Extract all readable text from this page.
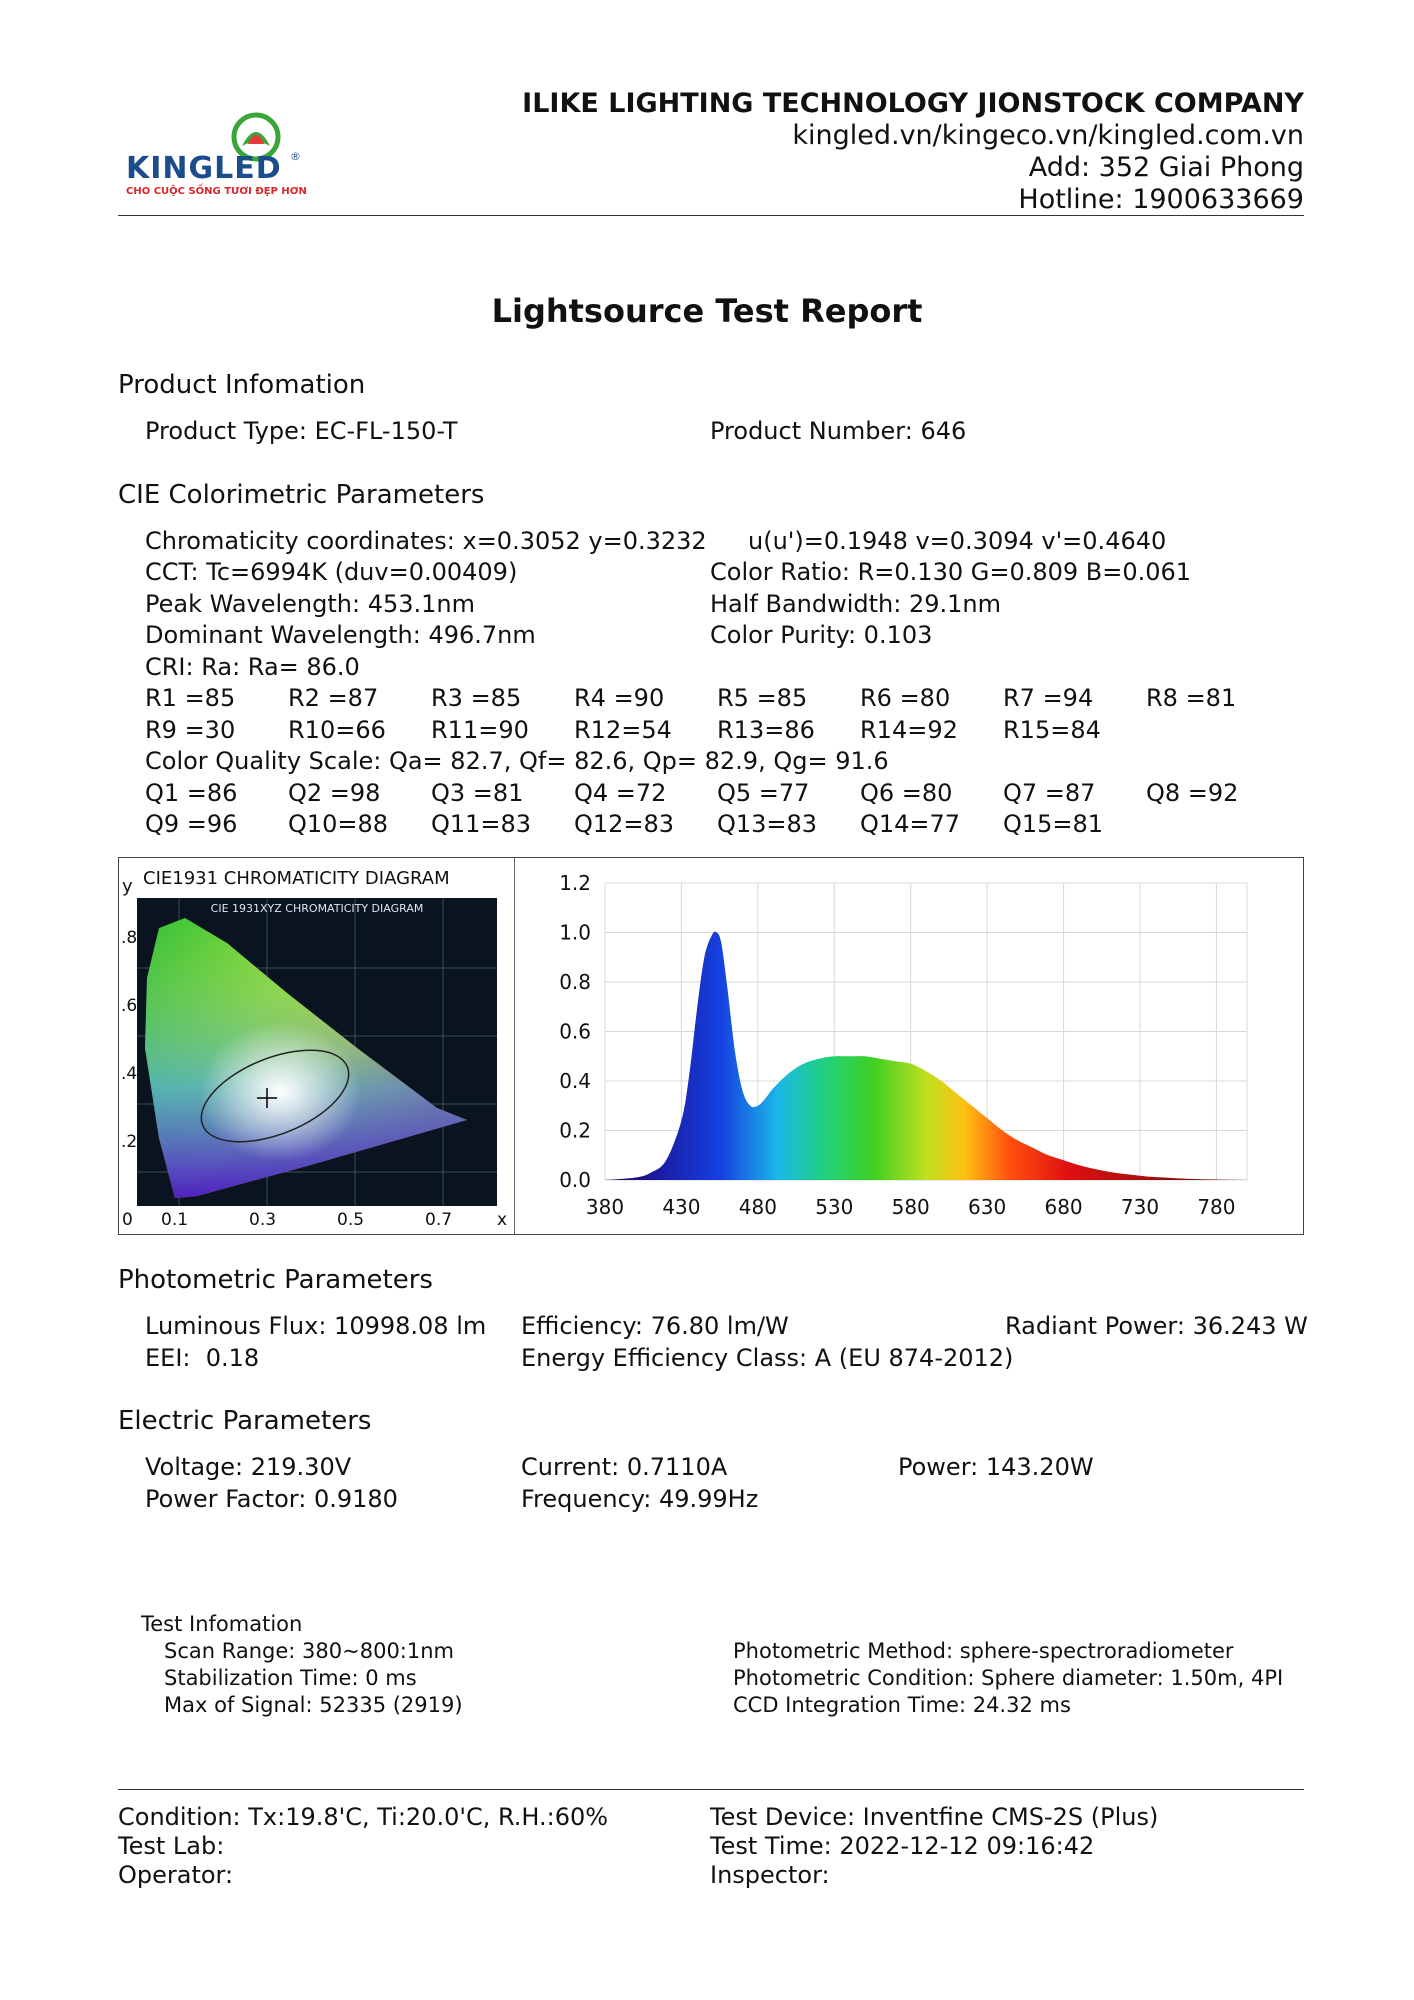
KINGLED ®
CHO CUỘC SỐNG TƯƠI ĐẸP HƠN
ILIKE LIGHTING TECHNOLOGY JIONSTOCK COMPANY
kingled.vn/kingeco.vn/kingled.com.vn
Add: 352 Giai Phong
Hotline: 1900633669
Lightsource Test Report
Product Infomation
Product Type: EC-FL-150-T	Product Number: 646
CIE Colorimetric Parameters
Chromaticity coordinates: x=0.3052 y=0.3232 u(u')=0.1948 v=0.3094 v'=0.4640
CCT: Tc=6994K (duv=0.00409)	Color Ratio: R=0.130 G=0.809 B=0.061
Peak Wavelength: 453.1nm	Half Bandwidth: 29.1nm
Dominant Wavelength: 496.7nm	Color Purity: 0.103
CRI: Ra: Ra= 86.0
R1 =85 R2 =87 R3 =85 R4 =90 R5 =85 R6 =80 R7 =94 R8 =81
R9 =30 R10=66 R11=90 R12=54 R13=86 R14=92 R15=84
Color Quality Scale: Qa= 82.7, Qf= 82.6, Qp= 82.9, Qg= 91.6
Q1 =86 Q2 =98 Q3 =81 Q4 =72 Q5 =77 Q6 =80 Q7 =87 Q8 =92
Q9 =96 Q10=88 Q11=83 Q12=83 Q13=83 Q14=77 Q15=81
CIE1931 CHROMATICITY DIAGRAM
y
x
.8
.6
.4
.2
0 0.1	0.3	0.5	0.7
CIE 1931XYZ CHROMATICITY DIAGRAM
0.0
0.2
0.4
0.6
0.8
1.0
1.2
380 430 480 530 580 630 680 730 780
Photometric Parameters
Luminous Flux: 10998.08 lm Efficiency: 76.80 lm/W	Radiant Power: 36.243 W
EEI:  0.18	Energy Efficiency Class: A (EU 874-2012)
Electric Parameters
Voltage: 219.30V	Current: 0.7110A	Power: 143.20W
Power Factor: 0.9180	Frequency: 49.99Hz
Test Infomation
Scan Range: 380~800:1nm
Stabilization Time: 0 ms
Max of Signal: 52335 (2919)
Photometric Method: sphere-spectroradiometer
Photometric Condition: Sphere diameter: 1.50m, 4PI
CCD Integration Time: 24.32 ms
Condition: Tx:19.8'C, Ti:20.0'C, R.H.:60%	Test Device: Inventfine CMS-2S (Plus)
Test Lab:	Test Time: 2022-12-12 09:16:42
Operator:	Inspector:
